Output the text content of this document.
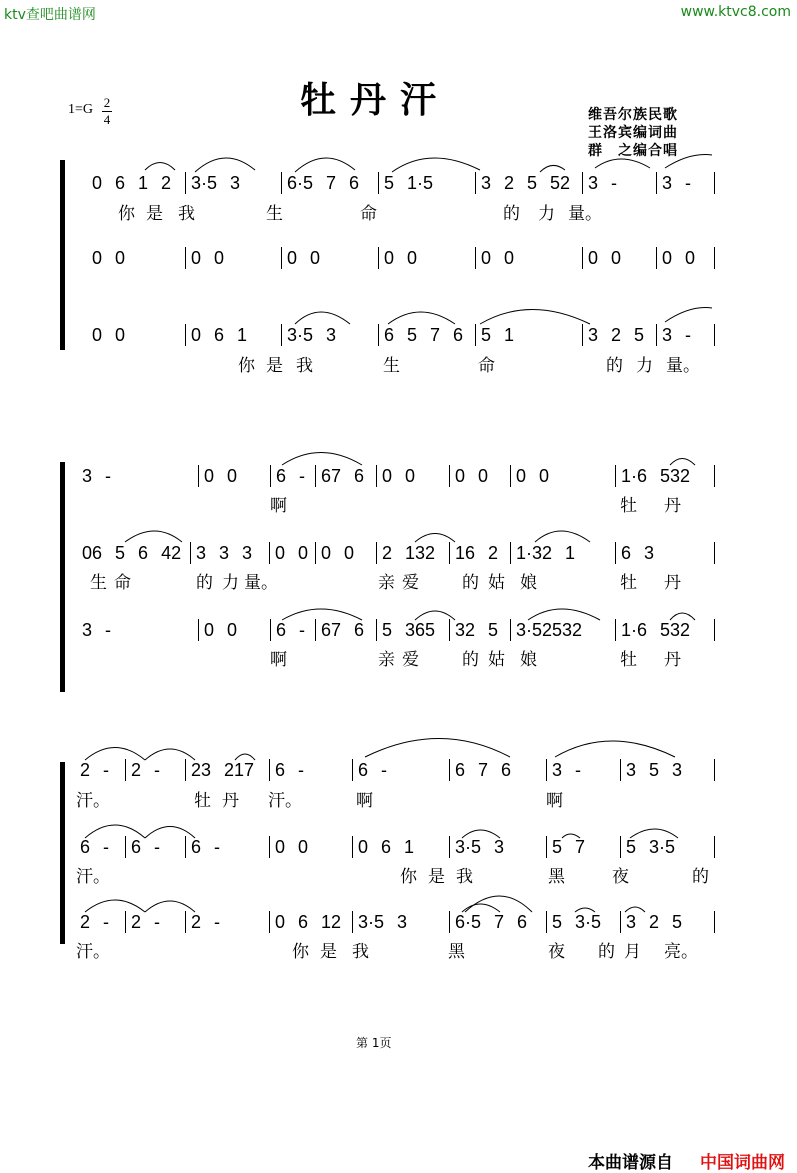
ktv查吧曲谱网	www.ktvc8.com
牡丹汗
1=G 2
4	维吾尔族民歌
王洛宾编词曲
群　之编合唱
0 6 1 2 3·5 3	6·5 7 6 5 1·5	3 2 5 52 3 - 3 -
你 是 我	生	命	的 力 量。
0 0	0 0	0 0	0 0	0 0	0 0 0 0
0 0	0 6 1 3·5 3	6 5 7 6 5 1	3 2 5 3 -
你 是 我	生	命	的 力 量。
3 -	0 0 6 - 67 6 0 0 0 0 0 0	1·6 532
啊	牡 丹
06 5 6 42 3 3 3 0 0 0 0 2 132 16 2 1·32 1	6 3
生 命	的 力 量。	亲 爱	的 姑 娘	牡 丹
3 -	0 0 6 - 67 6 5 365 32 5 3·52532 1·6 532
啊	亲 爱	的 姑 娘	牡 丹
2 - 2 - 23 217 6 -	6 -	6 7 6 3 - 3 5 3
汗。	牡 丹 汗。	啊	啊
6 - 6 - 6 -	0 0	0 6 1 3·5 3	5 7 5 3·5
汗。	你 是 我	黑	夜	的
2 - 2 - 2 -	0 6 12 3·5 3	6·5 7 6 5 3·5 3 2 5
汗。	你 是 我	黑	夜 的 月 亮。
第 1页
本曲谱源自 中国词曲网
